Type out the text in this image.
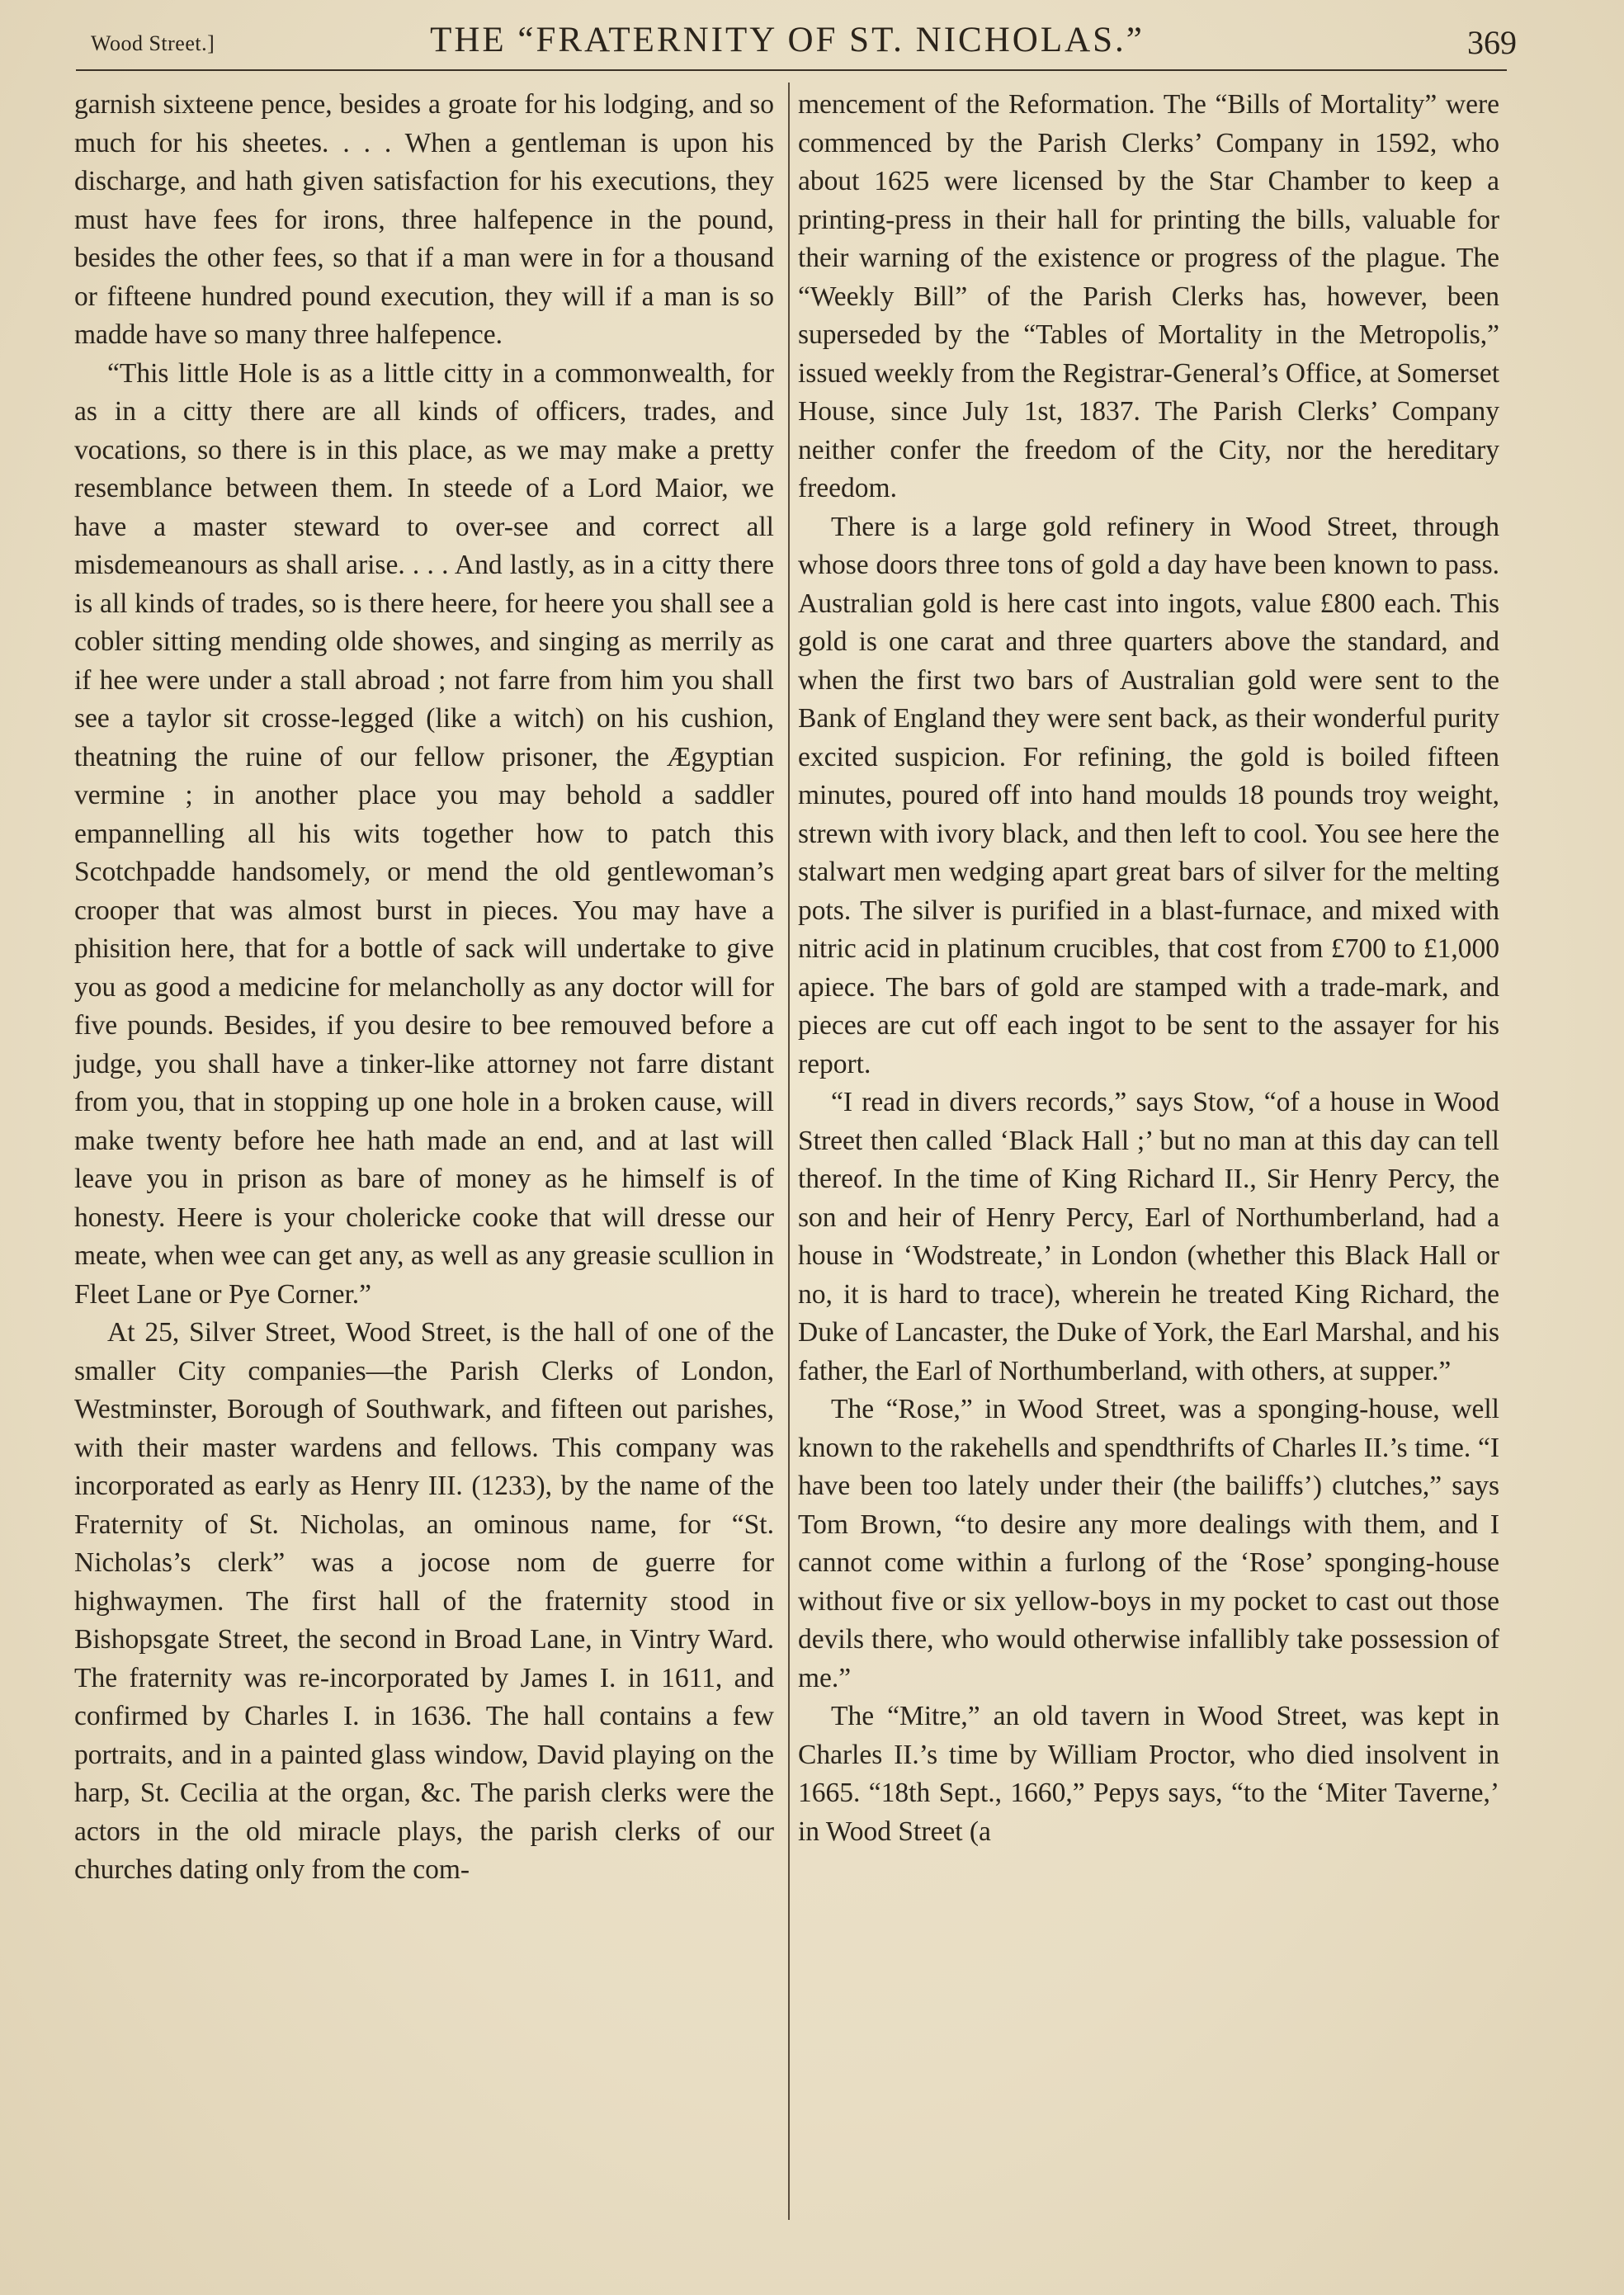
Wood Street.]	THE “FRATERNITY OF ST. NICHOLAS.”	369

garnish sixteene pence, besides a groate for his lodging, and so much for his sheetes. . . . When a gentleman is upon his discharge, and hath given satisfaction for his executions, they must have fees for irons, three halfepence in the pound, besides the other fees, so that if a man were in for a thousand or fifteene hundred pound execution, they will if a man is so madde have so many three halfepence.

“This little Hole is as a little citty in a commonwealth, for as in a citty there are all kinds of officers, trades, and vocations, so there is in this place, as we may make a pretty resemblance between them. In steede of a Lord Maior, we have a master steward to over-see and correct all misdemeanours as shall arise. . . . And lastly, as in a citty there is all kinds of trades, so is there heere, for heere you shall see a cobler sitting mending olde showes, and singing as merrily as if hee were under a stall abroad ; not farre from him you shall see a taylor sit crosse-legged (like a witch) on his cushion, theatning the ruine of our fellow prisoner, the Ægyptian vermine ; in another place you may behold a saddler empannelling all his wits together how to patch this Scotchpadde handsomely, or mend the old gentlewoman’s crooper that was almost burst in pieces. You may have a phisition here, that for a bottle of sack will undertake to give you as good a medicine for melancholly as any doctor will for five pounds. Besides, if you desire to bee remouved before a judge, you shall have a tinker-like attorney not farre distant from you, that in stopping up one hole in a broken cause, will make twenty before hee hath made an end, and at last will leave you in prison as bare of money as he himself is of honesty. Heere is your cholericke cooke that will dresse our meate, when wee can get any, as well as any greasie scullion in Fleet Lane or Pye Corner.”

At 25, Silver Street, Wood Street, is the hall of one of the smaller City companies—the Parish Clerks of London, Westminster, Borough of Southwark, and fifteen out parishes, with their master wardens and fellows. This company was incorporated as early as Henry III. (1233), by the name of the Fraternity of St. Nicholas, an ominous name, for “St. Nicholas’s clerk” was a jocose nom de guerre for highwaymen. The first hall of the fraternity stood in Bishopsgate Street, the second in Broad Lane, in Vintry Ward. The fraternity was re-incorporated by James I. in 1611, and confirmed by Charles I. in 1636. The hall contains a few portraits, and in a painted glass window, David playing on the harp, St. Cecilia at the organ, &c. The parish clerks were the actors in the old miracle plays, the parish clerks of our churches dating only from the com-

mencement of the Reformation. The “Bills of Mortality” were commenced by the Parish Clerks’ Company in 1592, who about 1625 were licensed by the Star Chamber to keep a printing-press in their hall for printing the bills, valuable for their warning of the existence or progress of the plague. The “Weekly Bill” of the Parish Clerks has, however, been superseded by the “Tables of Mortality in the Metropolis,” issued weekly from the Registrar-General’s Office, at Somerset House, since July 1st, 1837. The Parish Clerks’ Company neither confer the freedom of the City, nor the hereditary freedom.

There is a large gold refinery in Wood Street, through whose doors three tons of gold a day have been known to pass. Australian gold is here cast into ingots, value £800 each. This gold is one carat and three quarters above the standard, and when the first two bars of Australian gold were sent to the Bank of England they were sent back, as their wonderful purity excited suspicion. For refining, the gold is boiled fifteen minutes, poured off into hand moulds 18 pounds troy weight, strewn with ivory black, and then left to cool. You see here the stalwart men wedging apart great bars of silver for the melting pots. The silver is purified in a blast-furnace, and mixed with nitric acid in platinum crucibles, that cost from £700 to £1,000 apiece. The bars of gold are stamped with a trade-mark, and pieces are cut off each ingot to be sent to the assayer for his report.

“I read in divers records,” says Stow, “of a house in Wood Street then called ‘Black Hall ;’ but no man at this day can tell thereof. In the time of King Richard II., Sir Henry Percy, the son and heir of Henry Percy, Earl of Northumberland, had a house in ‘Wodstreate,’ in London (whether this Black Hall or no, it is hard to trace), wherein he treated King Richard, the Duke of Lancaster, the Duke of York, the Earl Marshal, and his father, the Earl of Northumberland, with others, at supper.”

The “Rose,” in Wood Street, was a sponging-house, well known to the rakehells and spendthrifts of Charles II.’s time. “I have been too lately under their (the bailiffs’) clutches,” says Tom Brown, “to desire any more dealings with them, and I cannot come within a furlong of the ‘Rose’ sponging-house without five or six yellow-boys in my pocket to cast out those devils there, who would otherwise infallibly take possession of me.”

The “Mitre,” an old tavern in Wood Street, was kept in Charles II.’s time by William Proctor, who died insolvent in 1665. “18th Sept., 1660,” Pepys says, “to the ‘Miter Taverne,’ in Wood Street (a
